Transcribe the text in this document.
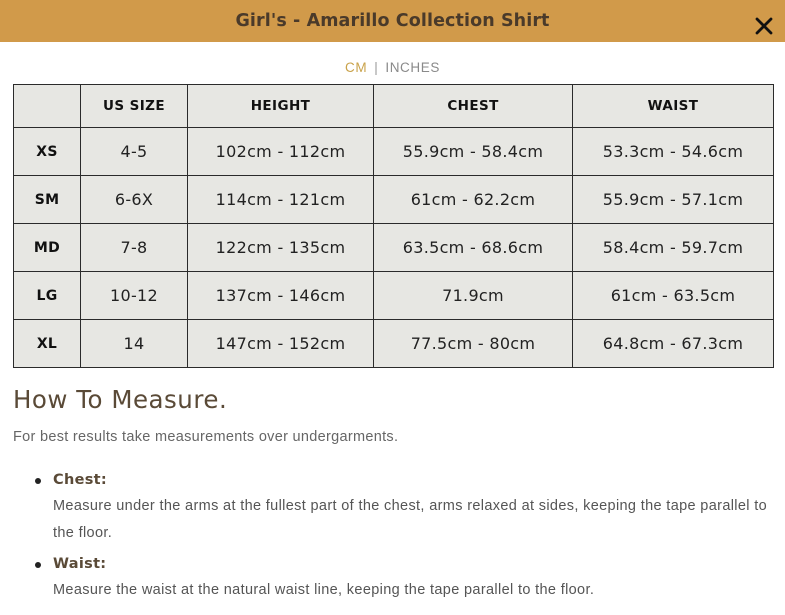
Girl's - Amarillo Collection Shirt
CM | INCHES
	US SIZE	HEIGHT	CHEST	WAIST
XS	4-5	102cm - 112cm	55.9cm - 58.4cm	53.3cm - 54.6cm
SM	6-6X	114cm - 121cm	61cm - 62.2cm	55.9cm - 57.1cm
MD	7-8	122cm - 135cm	63.5cm - 68.6cm	58.4cm - 59.7cm
LG	10-12	137cm - 146cm	71.9cm	61cm - 63.5cm
XL	14	147cm - 152cm	77.5cm - 80cm	64.8cm - 67.3cm
How To Measure.

For best results take measurements over undergarments.

Chest:
Measure under the arms at the fullest part of the chest, arms relaxed at sides, keeping the tape parallel to the floor.
Waist:
Measure the waist at the natural waist line, keeping the tape parallel to the floor.
